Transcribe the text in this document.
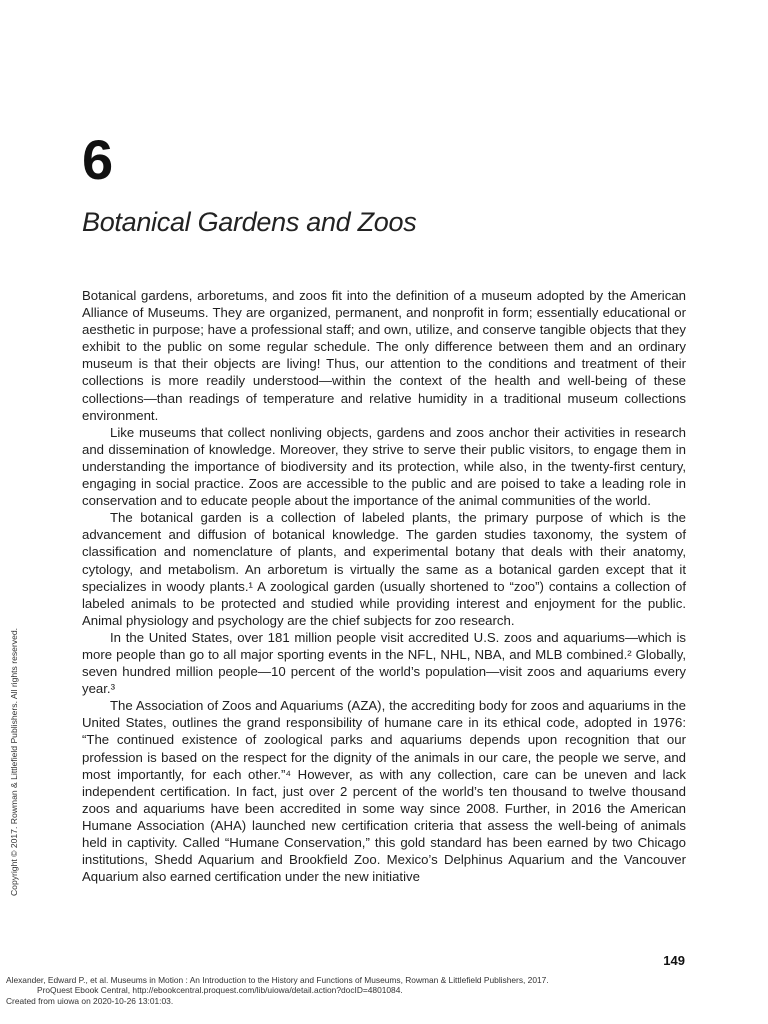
6
Botanical Gardens and Zoos

Botanical gardens, arboretums, and zoos fit into the definition of a museum adopted by the American Alliance of Museums. They are organized, permanent, and nonprofit in form; essentially educational or aesthetic in purpose; have a professional staff; and own, utilize, and conserve tangible objects that they exhibit to the public on some regular schedule. The only difference between them and an ordinary museum is that their objects are living! Thus, our attention to the conditions and treatment of their collections is more readily understood—within the context of the health and well-being of these collections—than readings of temperature and relative humidity in a traditional museum collections environment.

Like museums that collect nonliving objects, gardens and zoos anchor their activities in research and dissemination of knowledge. Moreover, they strive to serve their public visitors, to engage them in understanding the importance of biodiversity and its protection, while also, in the twenty-first century, engaging in social practice. Zoos are accessible to the public and are poised to take a leading role in conservation and to educate people about the importance of the animal communities of the world.

The botanical garden is a collection of labeled plants, the primary purpose of which is the advancement and diffusion of botanical knowledge. The garden studies taxonomy, the system of classification and nomenclature of plants, and experimental botany that deals with their anatomy, cytology, and metabolism. An arboretum is virtually the same as a botanical garden except that it specializes in woody plants.¹ A zoological garden (usually shortened to “zoo”) contains a collection of labeled animals to be protected and studied while providing interest and enjoyment for the public. Animal physiology and psychology are the chief subjects for zoo research.

In the United States, over 181 million people visit accredited U.S. zoos and aquariums—which is more people than go to all major sporting events in the NFL, NHL, NBA, and MLB combined.² Globally, seven hundred million people—10 percent of the world’s population—visit zoos and aquariums every year.³

The Association of Zoos and Aquariums (AZA), the accrediting body for zoos and aquariums in the United States, outlines the grand responsibility of humane care in its ethical code, adopted in 1976: “The continued existence of zoological parks and aquariums depends upon recognition that our profession is based on the respect for the dignity of the animals in our care, the people we serve, and most importantly, for each other.”⁴ However, as with any collection, care can be uneven and lack independent certification. In fact, just over 2 percent of the world’s ten thousand to twelve thousand zoos and aquariums have been accredited in some way since 2008. Further, in 2016 the American Humane Association (AHA) launched new certification criteria that assess the well-being of animals held in captivity. Called “Humane Conservation,” this gold standard has been earned by two Chicago institutions, Shedd Aquarium and Brookfield Zoo. Mexico’s Delphinus Aquarium and the Vancouver Aquarium also earned certification under the new initiative

149
Copyright © 2017. Rowman & Littlefield Publishers. All rights reserved.
Alexander, Edward P., et al. Museums in Motion : An Introduction to the History and Functions of Museums, Rowman & Littlefield Publishers, 2017.
ProQuest Ebook Central, http://ebookcentral.proquest.com/lib/uiowa/detail.action?docID=4801084.
Created from uiowa on 2020-10-26 13:01:03.
